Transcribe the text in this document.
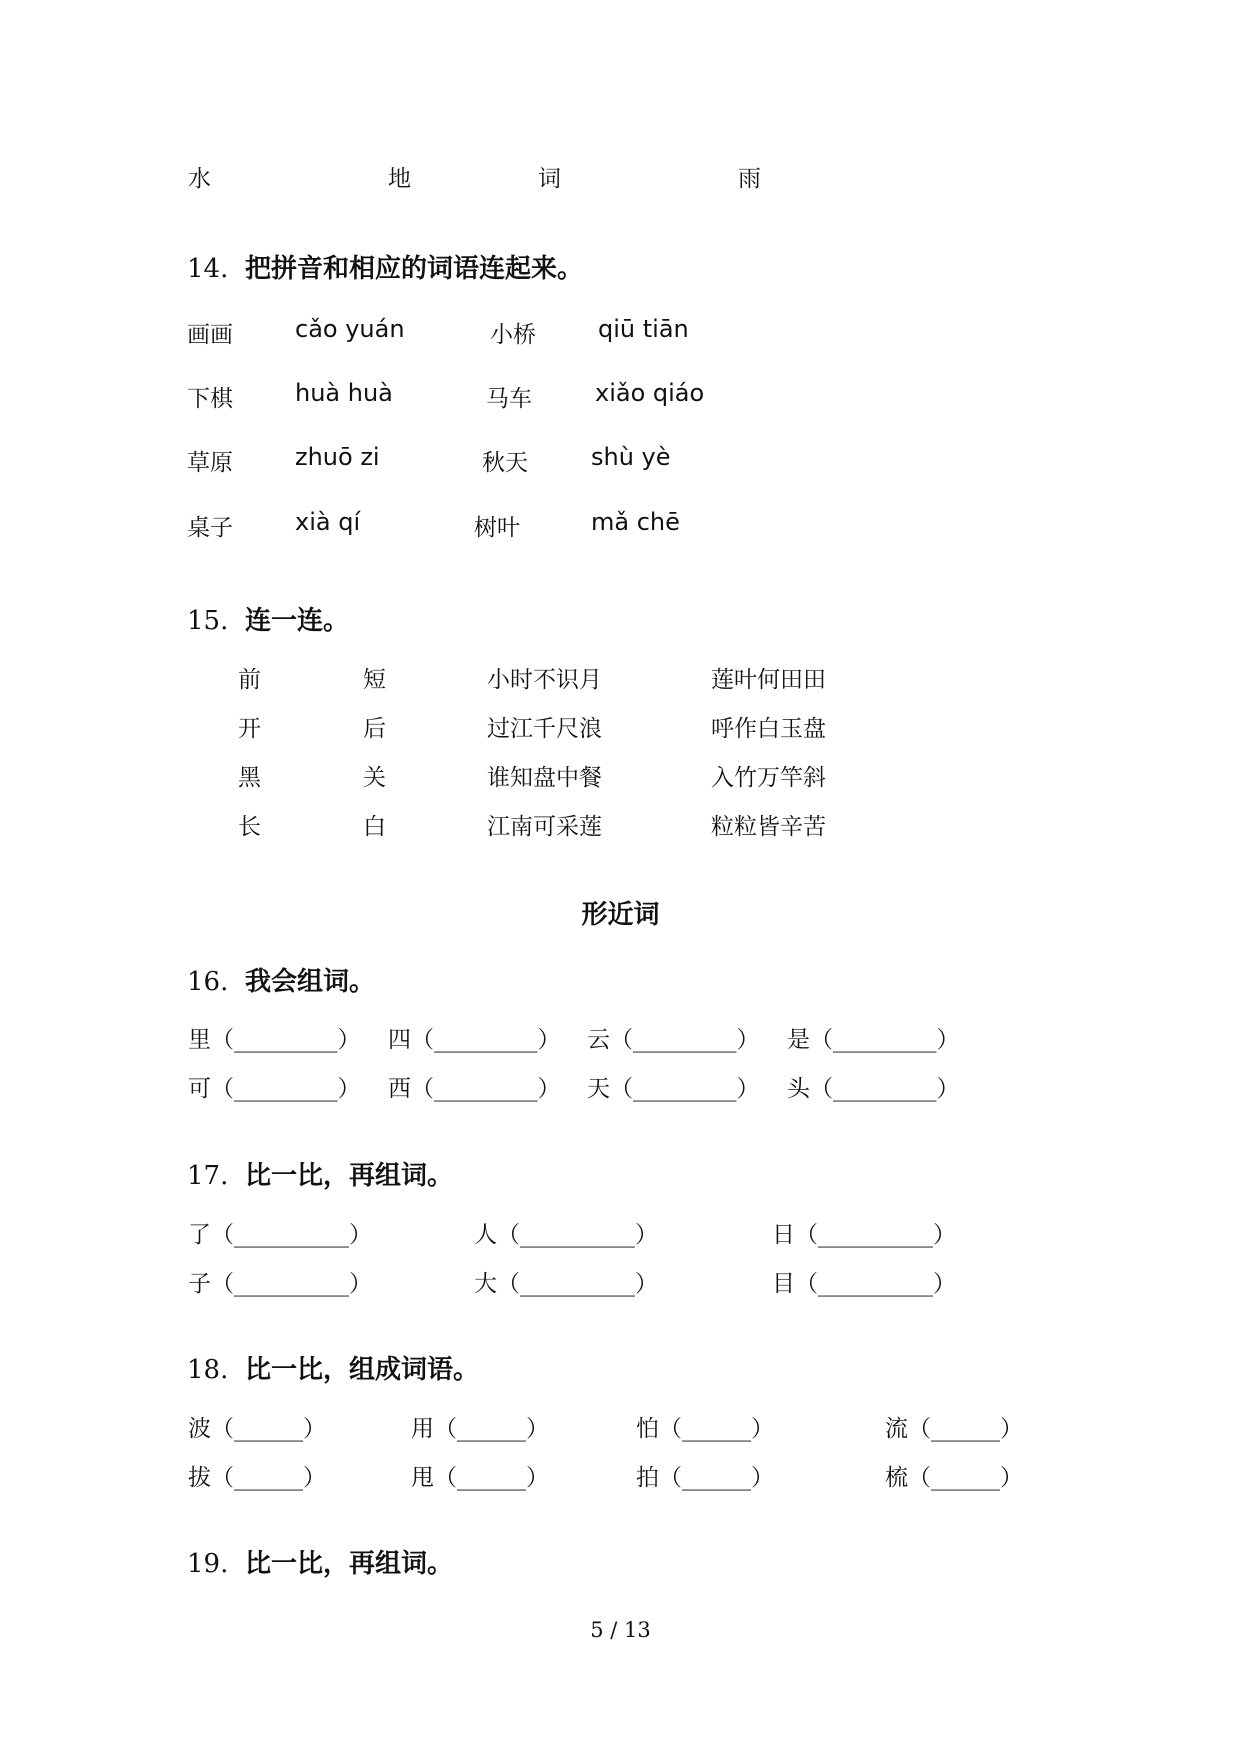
水	地	词	雨
14. 把拼音和相应的词语连起来。
画画	cǎo yuán	小桥	qiū tiān
下棋	huà huà	马车	xiǎo qiáo
草原	zhuō zi	秋天	shù yè
桌子	xià qí	树叶	mǎ chē
15. 连一连。
前	短	小时不识月	莲叶何田田
开	后	过江千尺浪	呼作白玉盘
黑	关	谁知盘中餐	入竹万竿斜
长	白	江南可采莲	粒粒皆辛苦
形近词
16. 我会组词。
里（_________） 四（_________） 云（_________） 是（_________）
可（_________） 西（_________） 天（_________） 头（_________）
17. 比一比，再组词。
了（__________）	人（__________）	日（__________）
子（__________）	大（__________）	目（__________）
18. 比一比，组成词语。
波（______）	用（______）	怕（______）	流（______）
拔（______）	甩（______）	拍（______）	梳（______）
19. 比一比，再组词。
5 / 13
